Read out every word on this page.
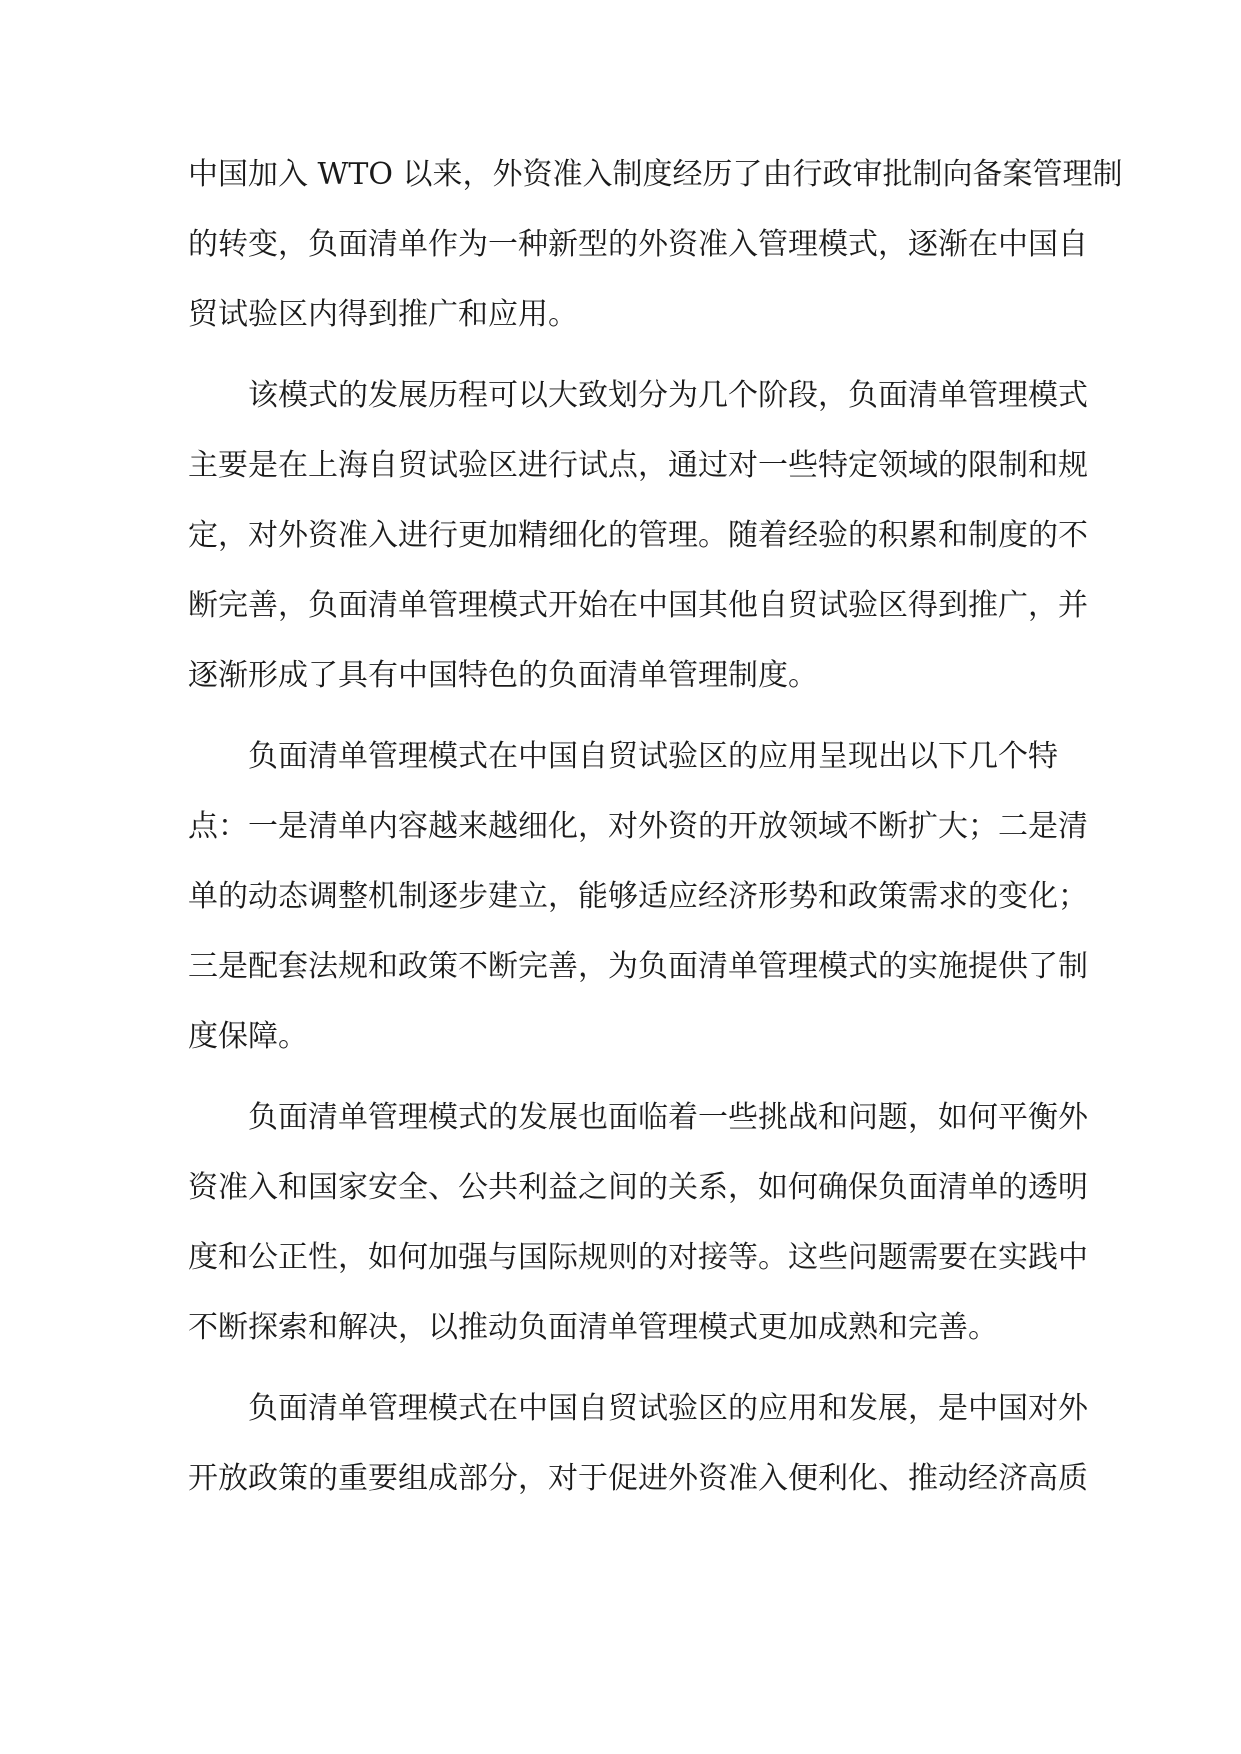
中国加入 WTO 以来，外资准入制度经历了由行政审批制向备案管理制
的转变，负面清单作为一种新型的外资准入管理模式，逐渐在中国自
贸试验区内得到推广和应用。
该模式的发展历程可以大致划分为几个阶段，负面清单管理模式
主要是在上海自贸试验区进行试点，通过对一些特定领域的限制和规
定，对外资准入进行更加精细化的管理。随着经验的积累和制度的不
断完善，负面清单管理模式开始在中国其他自贸试验区得到推广，并
逐渐形成了具有中国特色的负面清单管理制度。
负面清单管理模式在中国自贸试验区的应用呈现出以下几个特
点：一是清单内容越来越细化，对外资的开放领域不断扩大；二是清
单的动态调整机制逐步建立，能够适应经济形势和政策需求的变化；
三是配套法规和政策不断完善，为负面清单管理模式的实施提供了制
度保障。
负面清单管理模式的发展也面临着一些挑战和问题，如何平衡外
资准入和国家安全、公共利益之间的关系，如何确保负面清单的透明
度和公正性，如何加强与国际规则的对接等。这些问题需要在实践中
不断探索和解决，以推动负面清单管理模式更加成熟和完善。
负面清单管理模式在中国自贸试验区的应用和发展，是中国对外
开放政策的重要组成部分，对于促进外资准入便利化、推动经济高质
